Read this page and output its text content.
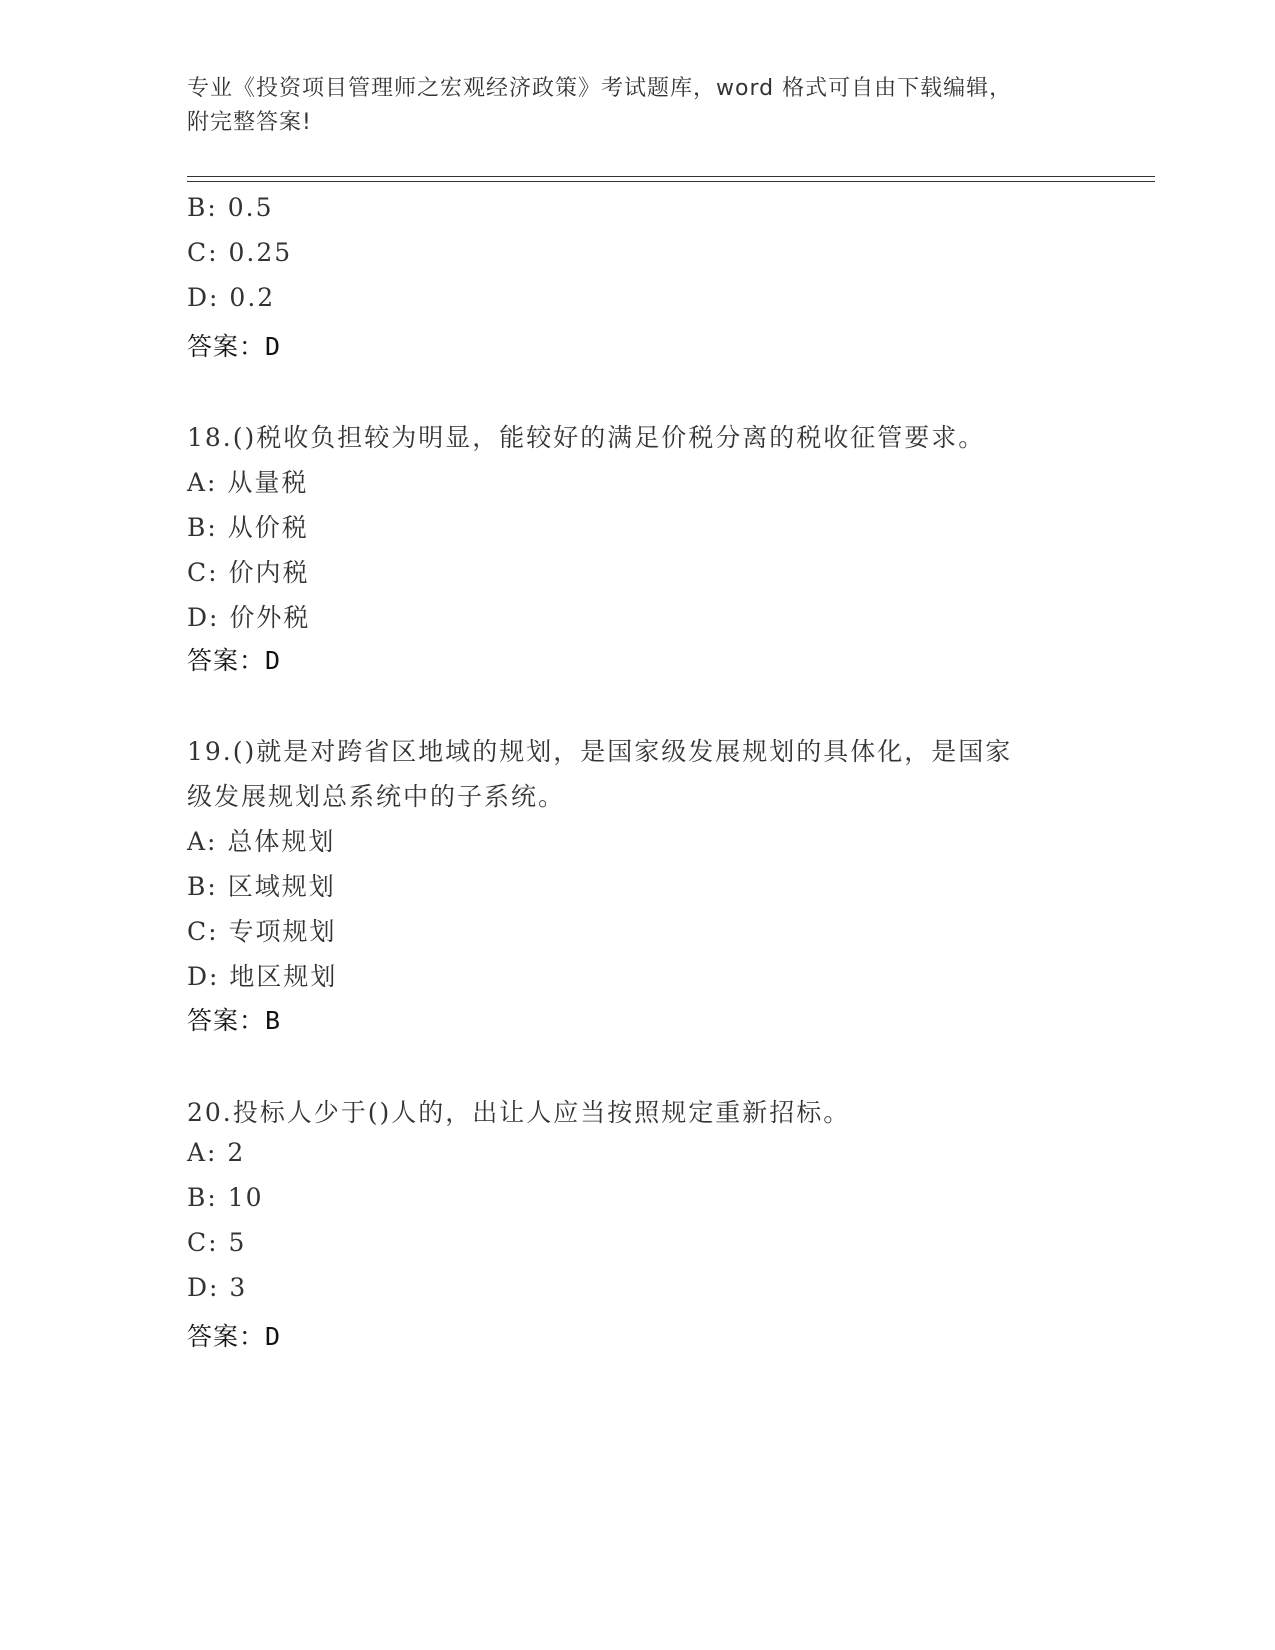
专业《投资项目管理师之宏观经济政策》考试题库，word 格式可自由下载编辑，
附完整答案!
B: 0.5
C: 0.25
D: 0.2
答案：D
18.()税收负担较为明显，能较好的满足价税分离的税收征管要求。
A: 从量税
B: 从价税
C: 价内税
D: 价外税
答案：D
19.()就是对跨省区地域的规划，是国家级发展规划的具体化，是国家
级发展规划总系统中的子系统。
A: 总体规划
B: 区域规划
C: 专项规划
D: 地区规划
答案：B
20.投标人少于()人的，出让人应当按照规定重新招标。
A: 2
B: 10
C: 5
D: 3
答案：D
